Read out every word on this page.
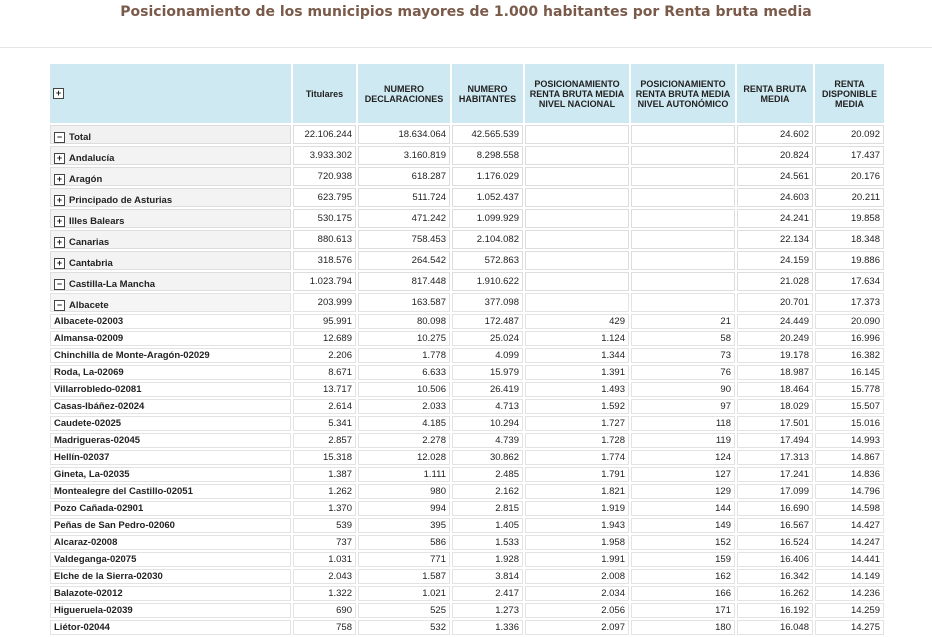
Posicionamiento de los municipios mayores de 1.000 habitantes por Renta bruta media
+	Titulares	NUMERO DECLARACIONES	NUMERO HABITANTES	POSICIONAMIENTO RENTA BRUTA MEDIA NIVEL NACIONAL	POSICIONAMIENTO RENTA BRUTA MEDIA NIVEL AUTONÓMICO	RENTA BRUTA MEDIA	RENTA DISPONIBLE MEDIA
− Total	22.106.244	18.634.064	42.565.539			24.602	20.092
+ Andalucía	3.933.302	3.160.819	8.298.558			20.824	17.437
+ Aragón	720.938	618.287	1.176.029			24.561	20.176
+ Principado de Asturias	623.795	511.724	1.052.437			24.603	20.211
+ Illes Balears	530.175	471.242	1.099.929			24.241	19.858
+ Canarias	880.613	758.453	2.104.082			22.134	18.348
+ Cantabria	318.576	264.542	572.863			24.159	19.886
− Castilla-La Mancha	1.023.794	817.448	1.910.622			21.028	17.634
− Albacete	203.999	163.587	377.098			20.701	17.373
Albacete-02003	95.991	80.098	172.487	429	21	24.449	20.090
Almansa-02009	12.689	10.275	25.024	1.124	58	20.249	16.996
Chinchilla de Monte-Aragón-02029	2.206	1.778	4.099	1.344	73	19.178	16.382
Roda, La-02069	8.671	6.633	15.979	1.391	76	18.987	16.145
Villarrobledo-02081	13.717	10.506	26.419	1.493	90	18.464	15.778
Casas-Ibáñez-02024	2.614	2.033	4.713	1.592	97	18.029	15.507
Caudete-02025	5.341	4.185	10.294	1.727	118	17.501	15.016
Madrigueras-02045	2.857	2.278	4.739	1.728	119	17.494	14.993
Hellín-02037	15.318	12.028	30.862	1.774	124	17.313	14.867
Gineta, La-02035	1.387	1.111	2.485	1.791	127	17.241	14.836
Montealegre del Castillo-02051	1.262	980	2.162	1.821	129	17.099	14.796
Pozo Cañada-02901	1.370	994	2.815	1.919	144	16.690	14.598
Peñas de San Pedro-02060	539	395	1.405	1.943	149	16.567	14.427
Alcaraz-02008	737	586	1.533	1.958	152	16.524	14.247
Valdeganga-02075	1.031	771	1.928	1.991	159	16.406	14.441
Elche de la Sierra-02030	2.043	1.587	3.814	2.008	162	16.342	14.149
Balazote-02012	1.322	1.021	2.417	2.034	166	16.262	14.236
Higueruela-02039	690	525	1.273	2.056	171	16.192	14.259
Liétor-02044	758	532	1.336	2.097	180	16.048	14.275
